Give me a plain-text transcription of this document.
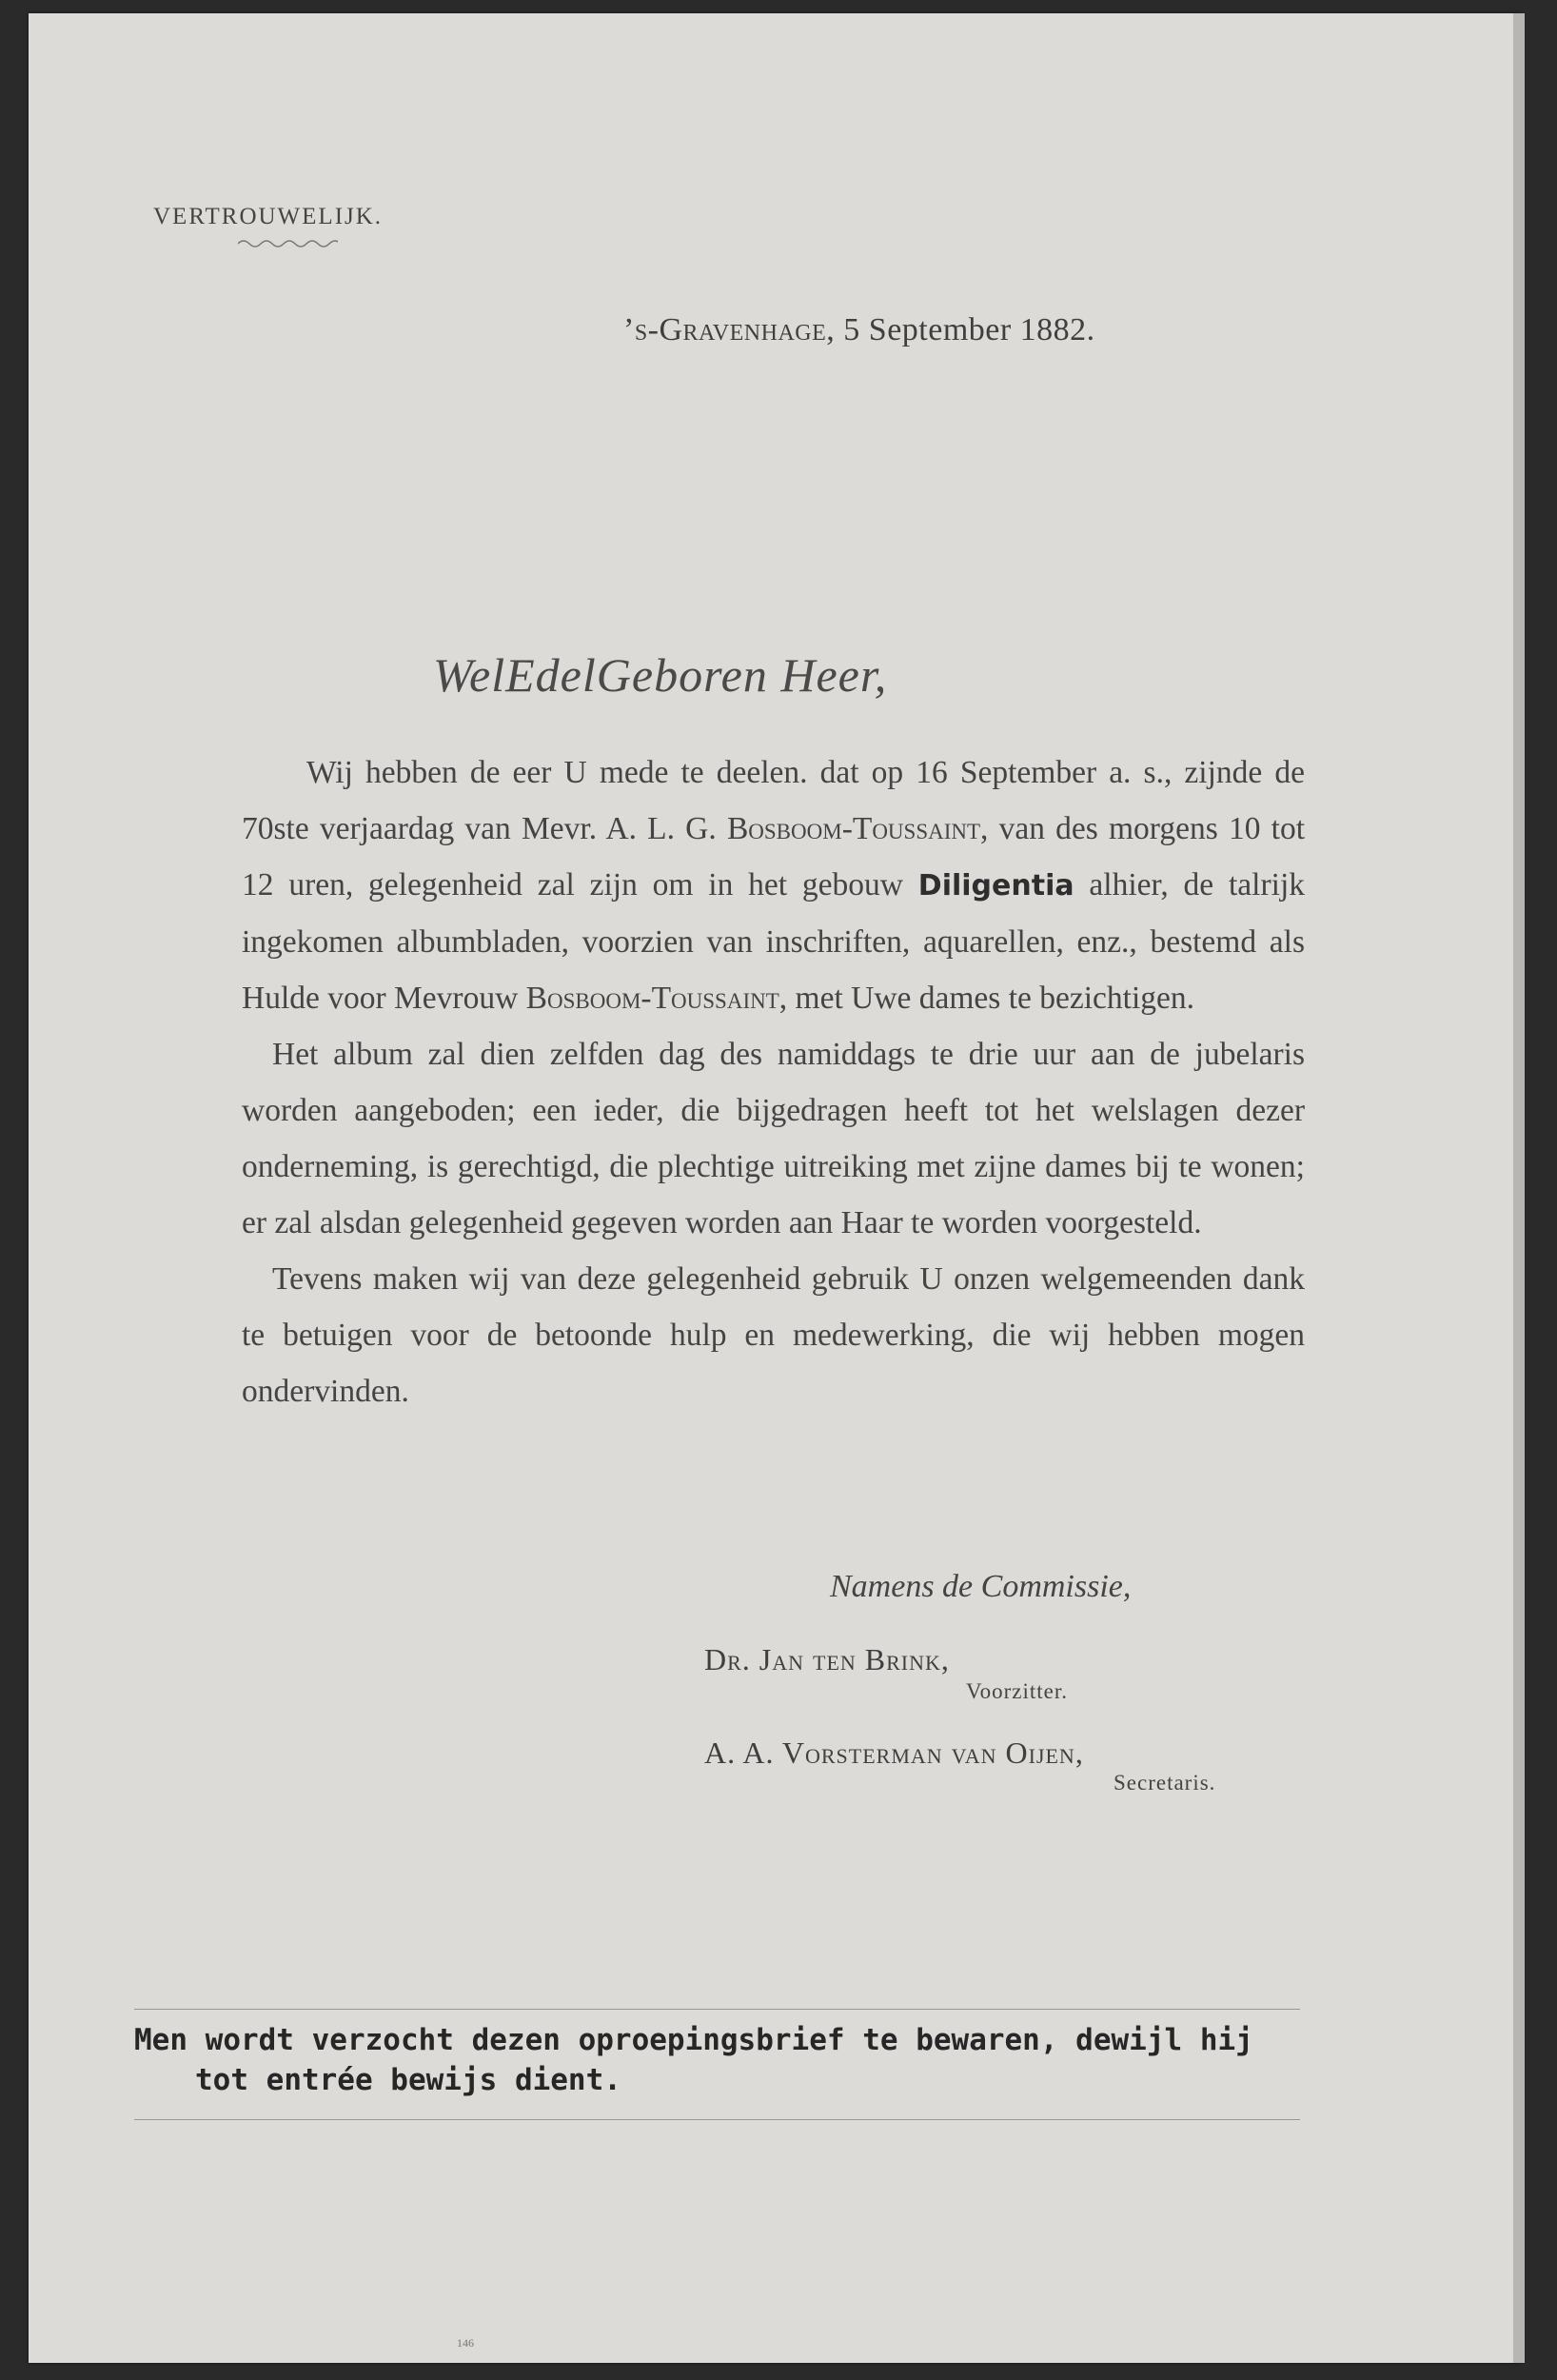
VERTROUWELIJK.
’s-Gravenhage, 5 September 1882.
WelEdelGeboren Heer,

Wij hebben de eer U mede te deelen. dat op 16 September a. s., zijnde de 70ste verjaardag van Mevr. A. L. G. Bosboom-Toussaint, van des morgens 10 tot 12 uren, gelegenheid zal zijn om in het gebouw Diligentia alhier, de talrijk ingekomen albumbladen, voorzien van inschriften, aquarellen, enz., bestemd als Hulde voor Mevrouw Bosboom-Toussaint, met Uwe dames te bezichtigen.

Het album zal dien zelfden dag des namiddags te drie uur aan de jubelaris worden aangeboden; een ieder, die bijgedragen heeft tot het welslagen dezer onderneming, is gerechtigd, die plechtige uitreiking met zijne dames bij te wonen; er zal alsdan gelegenheid gegeven worden aan Haar te worden voorgesteld.

Tevens maken wij van deze gelegenheid gebruik U onzen welgemeenden dank te betuigen voor de betoonde hulp en medewerking, die wij hebben mogen ondervinden.

Namens de Commissie,
Dr. Jan ten Brink,
Voorzitter.
A. A. Vorsterman van Oijen,
Secretaris.
Men wordt verzocht dezen oproepingsbrief te bewaren, dewijl hij
tot entrée bewijs dient.
146
